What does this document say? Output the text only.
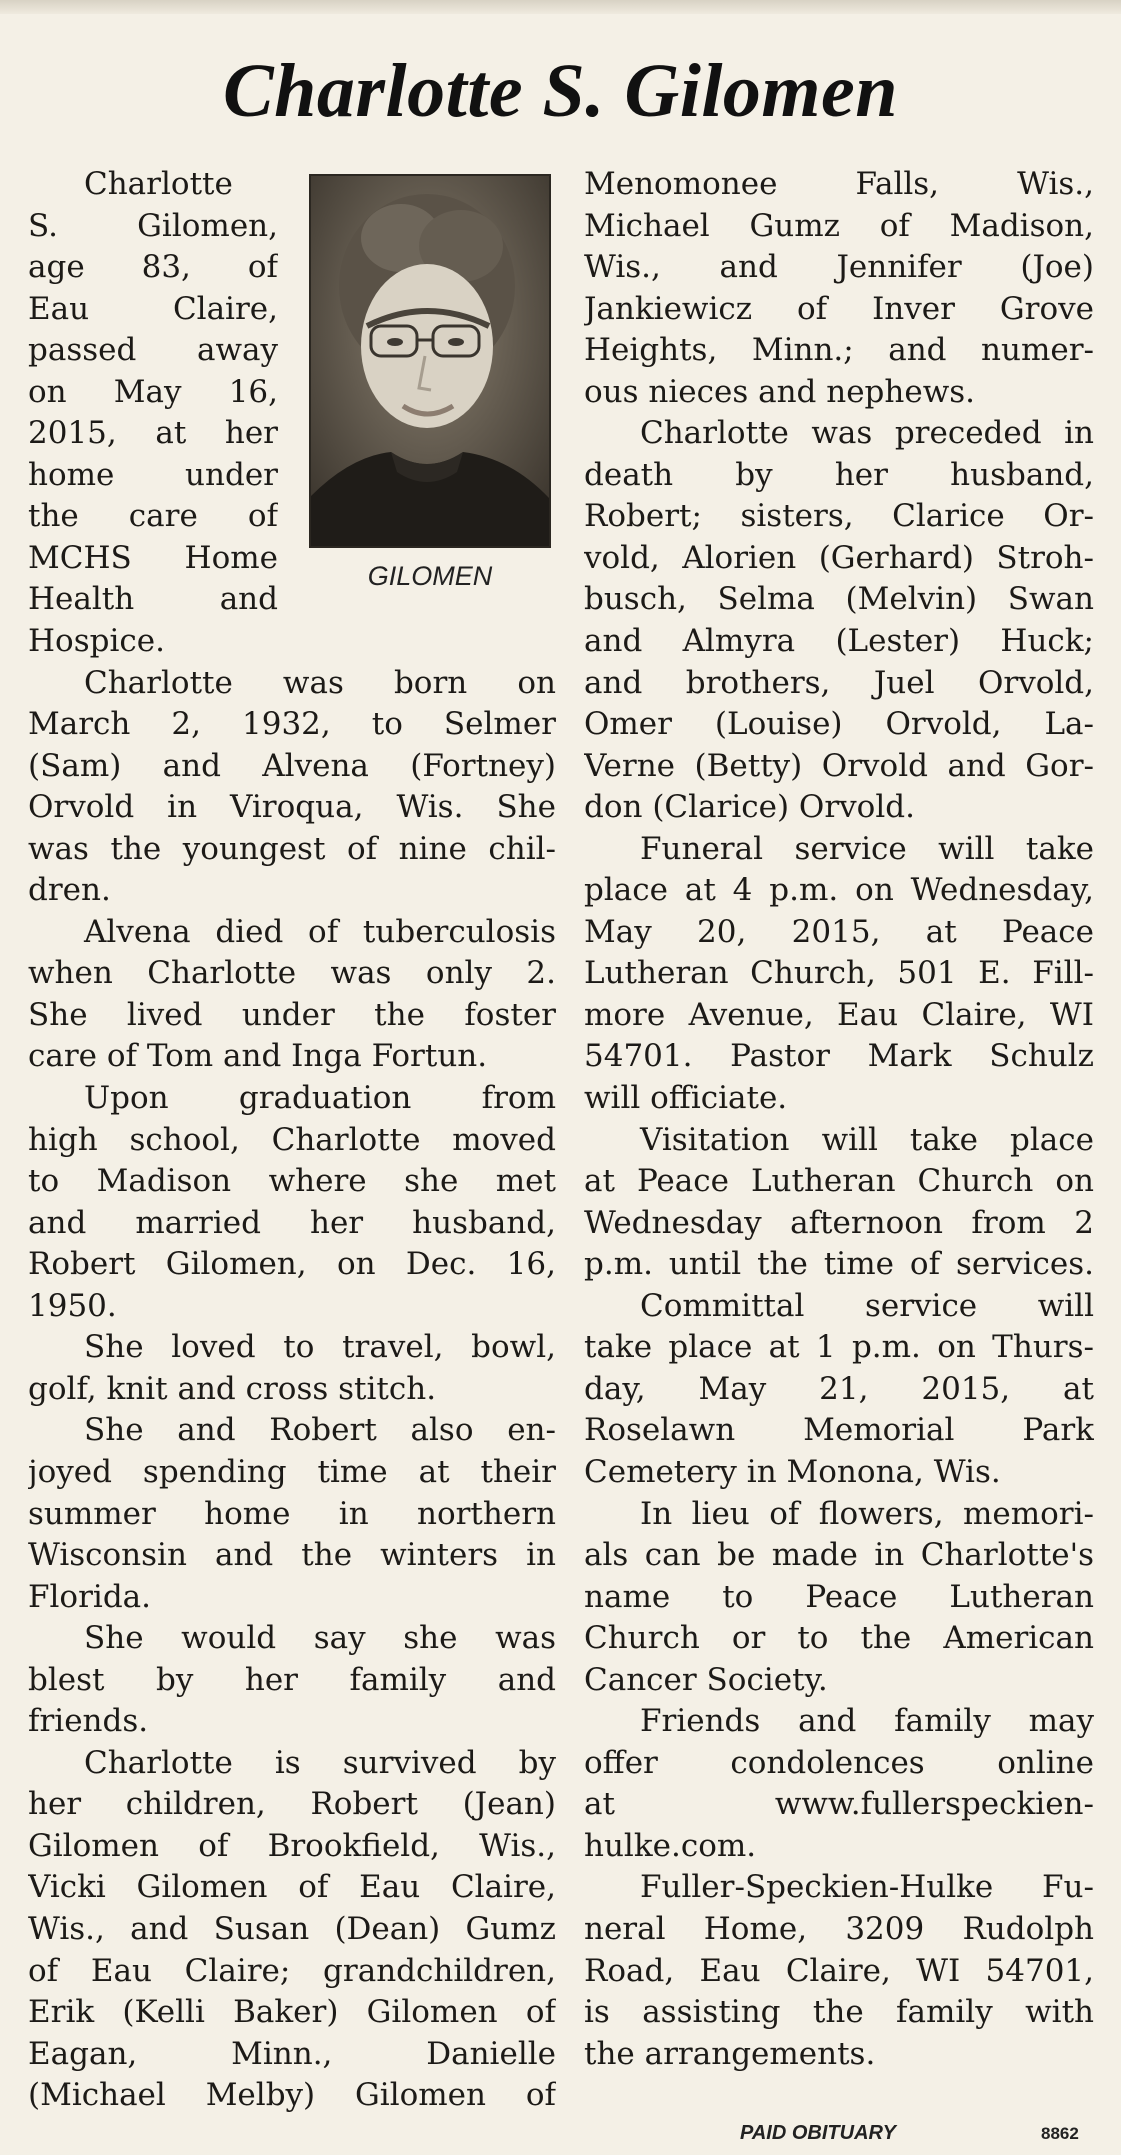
Charlotte S. Gilomen
GILOMEN
Charlotte
S. Gilomen,
age 83, of
Eau Claire,
passed away
on May 16,
2015, at her
home under
the care of
MCHS Home
Health and
Hospice.
Charlotte was born on
March 2, 1932, to Selmer
(Sam) and Alvena (Fortney)
Orvold in Viroqua, Wis. She
was the youngest of nine chil-
dren.
Alvena died of tuberculosis
when Charlotte was only 2.
She lived under the foster
care of Tom and Inga Fortun.
Upon graduation from
high school, Charlotte moved
to Madison where she met
and married her husband,
Robert Gilomen, on Dec. 16,
1950.
She loved to travel, bowl,
golf, knit and cross stitch.
She and Robert also en-
joyed spending time at their
summer home in northern
Wisconsin and the winters in
Florida.
She would say she was
blest by her family and
friends.
Charlotte is survived by
her children, Robert (Jean)
Gilomen of Brookfield, Wis.,
Vicki Gilomen of Eau Claire,
Wis., and Susan (Dean) Gumz
of Eau Claire; grandchildren,
Erik (Kelli Baker) Gilomen of
Eagan, Minn., Danielle
(Michael Melby) Gilomen of
Menomonee Falls, Wis.,
Michael Gumz of Madison,
Wis., and Jennifer (Joe)
Jankiewicz of Inver Grove
Heights, Minn.; and numer-
ous nieces and nephews.
Charlotte was preceded in
death by her husband,
Robert; sisters, Clarice Or-
vold, Alorien (Gerhard) Stroh-
busch, Selma (Melvin) Swan
and Almyra (Lester) Huck;
and brothers, Juel Orvold,
Omer (Louise) Orvold, La-
Verne (Betty) Orvold and Gor-
don (Clarice) Orvold.
Funeral service will take
place at 4 p.m. on Wednesday,
May 20, 2015, at Peace
Lutheran Church, 501 E. Fill-
more Avenue, Eau Claire, WI
54701. Pastor Mark Schulz
will officiate.
Visitation will take place
at Peace Lutheran Church on
Wednesday afternoon from 2
p.m. until the time of services.
Committal service will
take place at 1 p.m. on Thurs-
day, May 21, 2015, at
Roselawn Memorial Park
Cemetery in Monona, Wis.
In lieu of flowers, memori-
als can be made in Charlotte's
name to Peace Lutheran
Church or to the American
Cancer Society.
Friends and family may
offer condolences online
at www.fullerspeckien-
hulke.com.
Fuller-Speckien-Hulke Fu-
neral Home, 3209 Rudolph
Road, Eau Claire, WI 54701,
is assisting the family with
the arrangements.
PAID OBITUARY	8862
